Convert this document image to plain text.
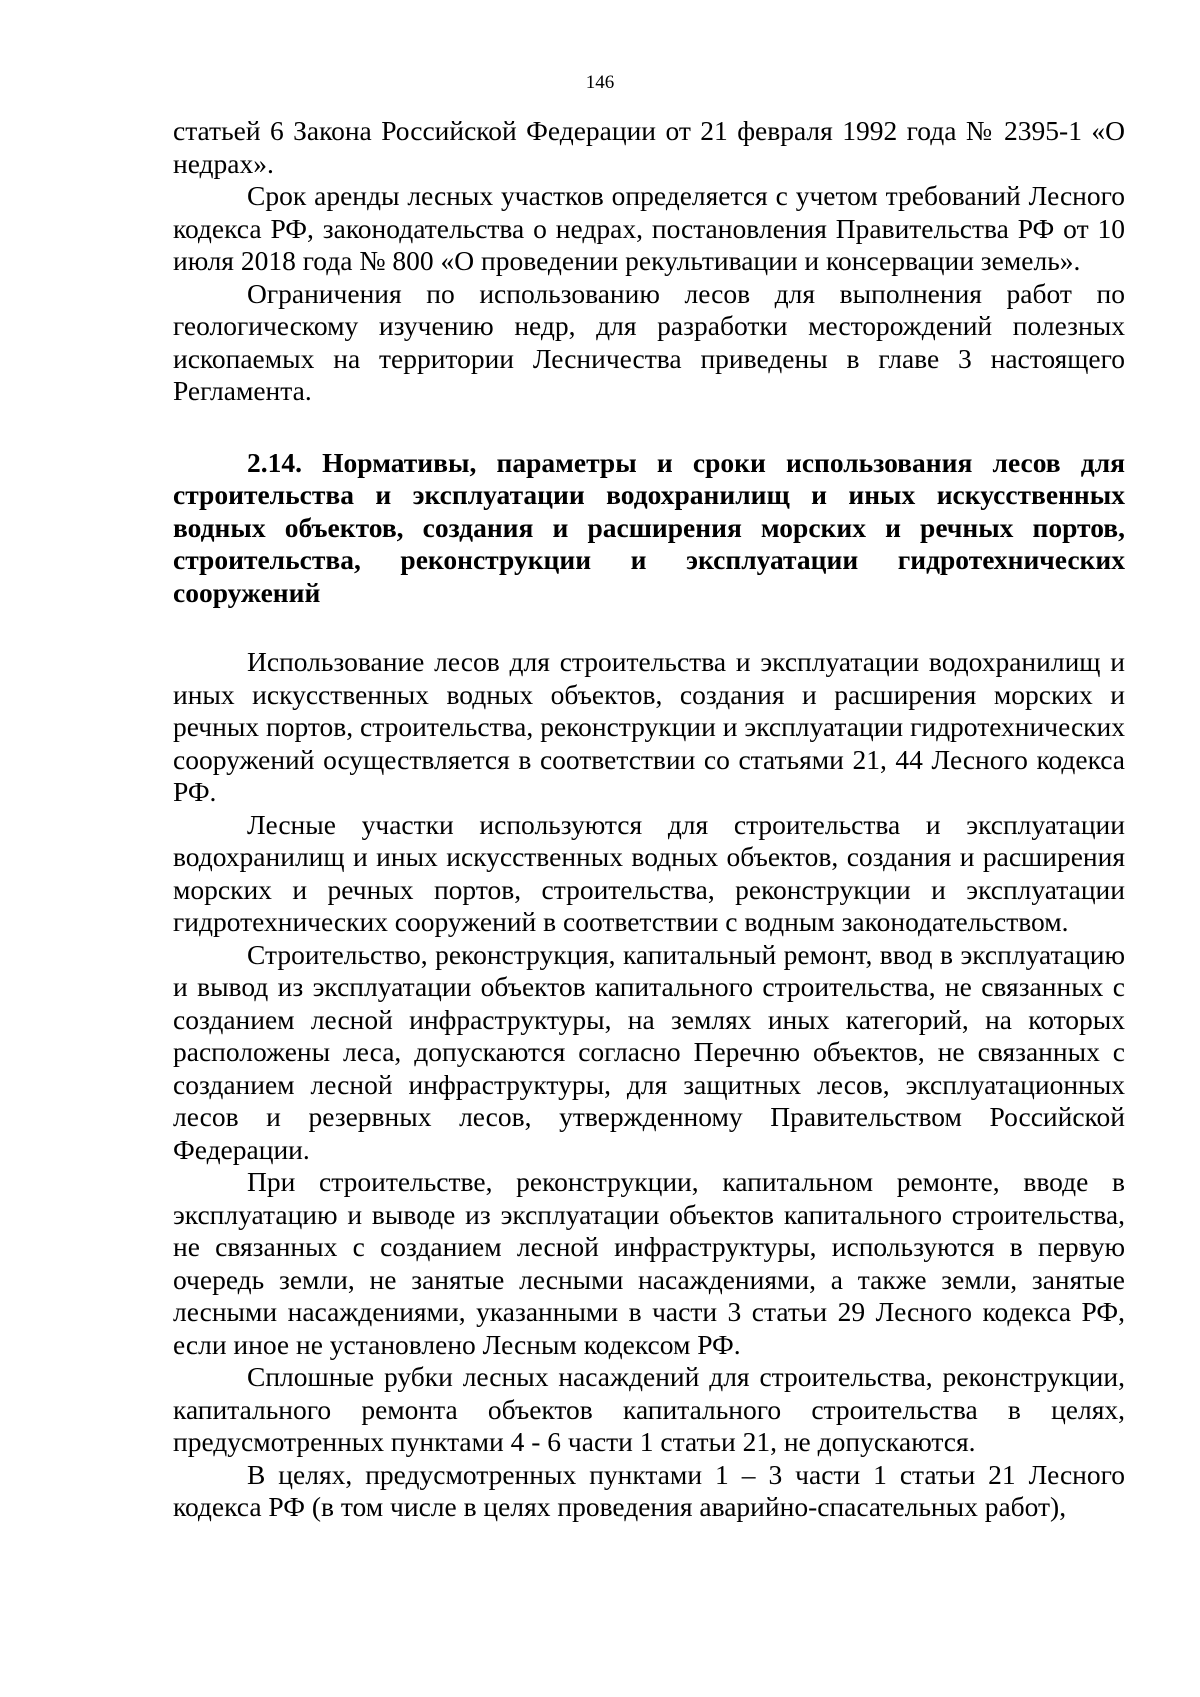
146

статьей 6 Закона Российской Федерации от 21 февраля 1992 года № 2395-1 «О недрах».

Срок аренды лесных участков определяется с учетом требований Лесного кодекса РФ, законодательства о недрах, постановления Правительства РФ от 10 июля 2018 года № 800 «О проведении рекультивации и консервации земель».

Ограничения по использованию лесов для выполнения работ по геологическому изучению недр, для разработки месторождений полезных ископаемых на территории Лесничества приведены в главе 3 настоящего Регламента.

2.14. Нормативы, параметры и сроки использования лесов для строительства и эксплуатации водохранилищ и иных искусственных водных объектов, создания и расширения морских и речных портов, строительства, реконструкции и эксплуатации гидротехнических сооружений

Использование лесов для строительства и эксплуатации водохранилищ и иных искусственных водных объектов, создания и расширения морских и речных портов, строительства, реконструкции и эксплуатации гидротехнических сооружений осуществляется в соответствии со статьями 21, 44 Лесного кодекса РФ.

Лесные участки используются для строительства и эксплуатации водохранилищ и иных искусственных водных объектов, создания и расширения морских и речных портов, строительства, реконструкции и эксплуатации гидротехнических сооружений в соответствии с водным законодательством.

Строительство, реконструкция, капитальный ремонт, ввод в эксплуатацию и вывод из эксплуатации объектов капитального строительства, не связанных с созданием лесной инфраструктуры, на землях иных категорий, на которых расположены леса, допускаются согласно Перечню объектов, не связанных с созданием лесной инфраструктуры, для защитных лесов, эксплуатационных лесов и резервных лесов, утвержденному Правительством Российской Федерации.

При строительстве, реконструкции, капитальном ремонте, вводе в эксплуатацию и выводе из эксплуатации объектов капитального строительства, не связанных с созданием лесной инфраструктуры, используются в первую очередь земли, не занятые лесными насаждениями, а также земли, занятые лесными насаждениями, указанными в части 3 статьи 29 Лесного кодекса РФ, если иное не установлено Лесным кодексом РФ.

Сплошные рубки лесных насаждений для строительства, реконструкции, капитального ремонта объектов капитального строительства в целях, предусмотренных пунктами 4 - 6 части 1 статьи 21, не допускаются.

В целях, предусмотренных пунктами 1 – 3 части 1 статьи 21 Лесного кодекса РФ (в том числе в целях проведения аварийно-спасательных работ),
